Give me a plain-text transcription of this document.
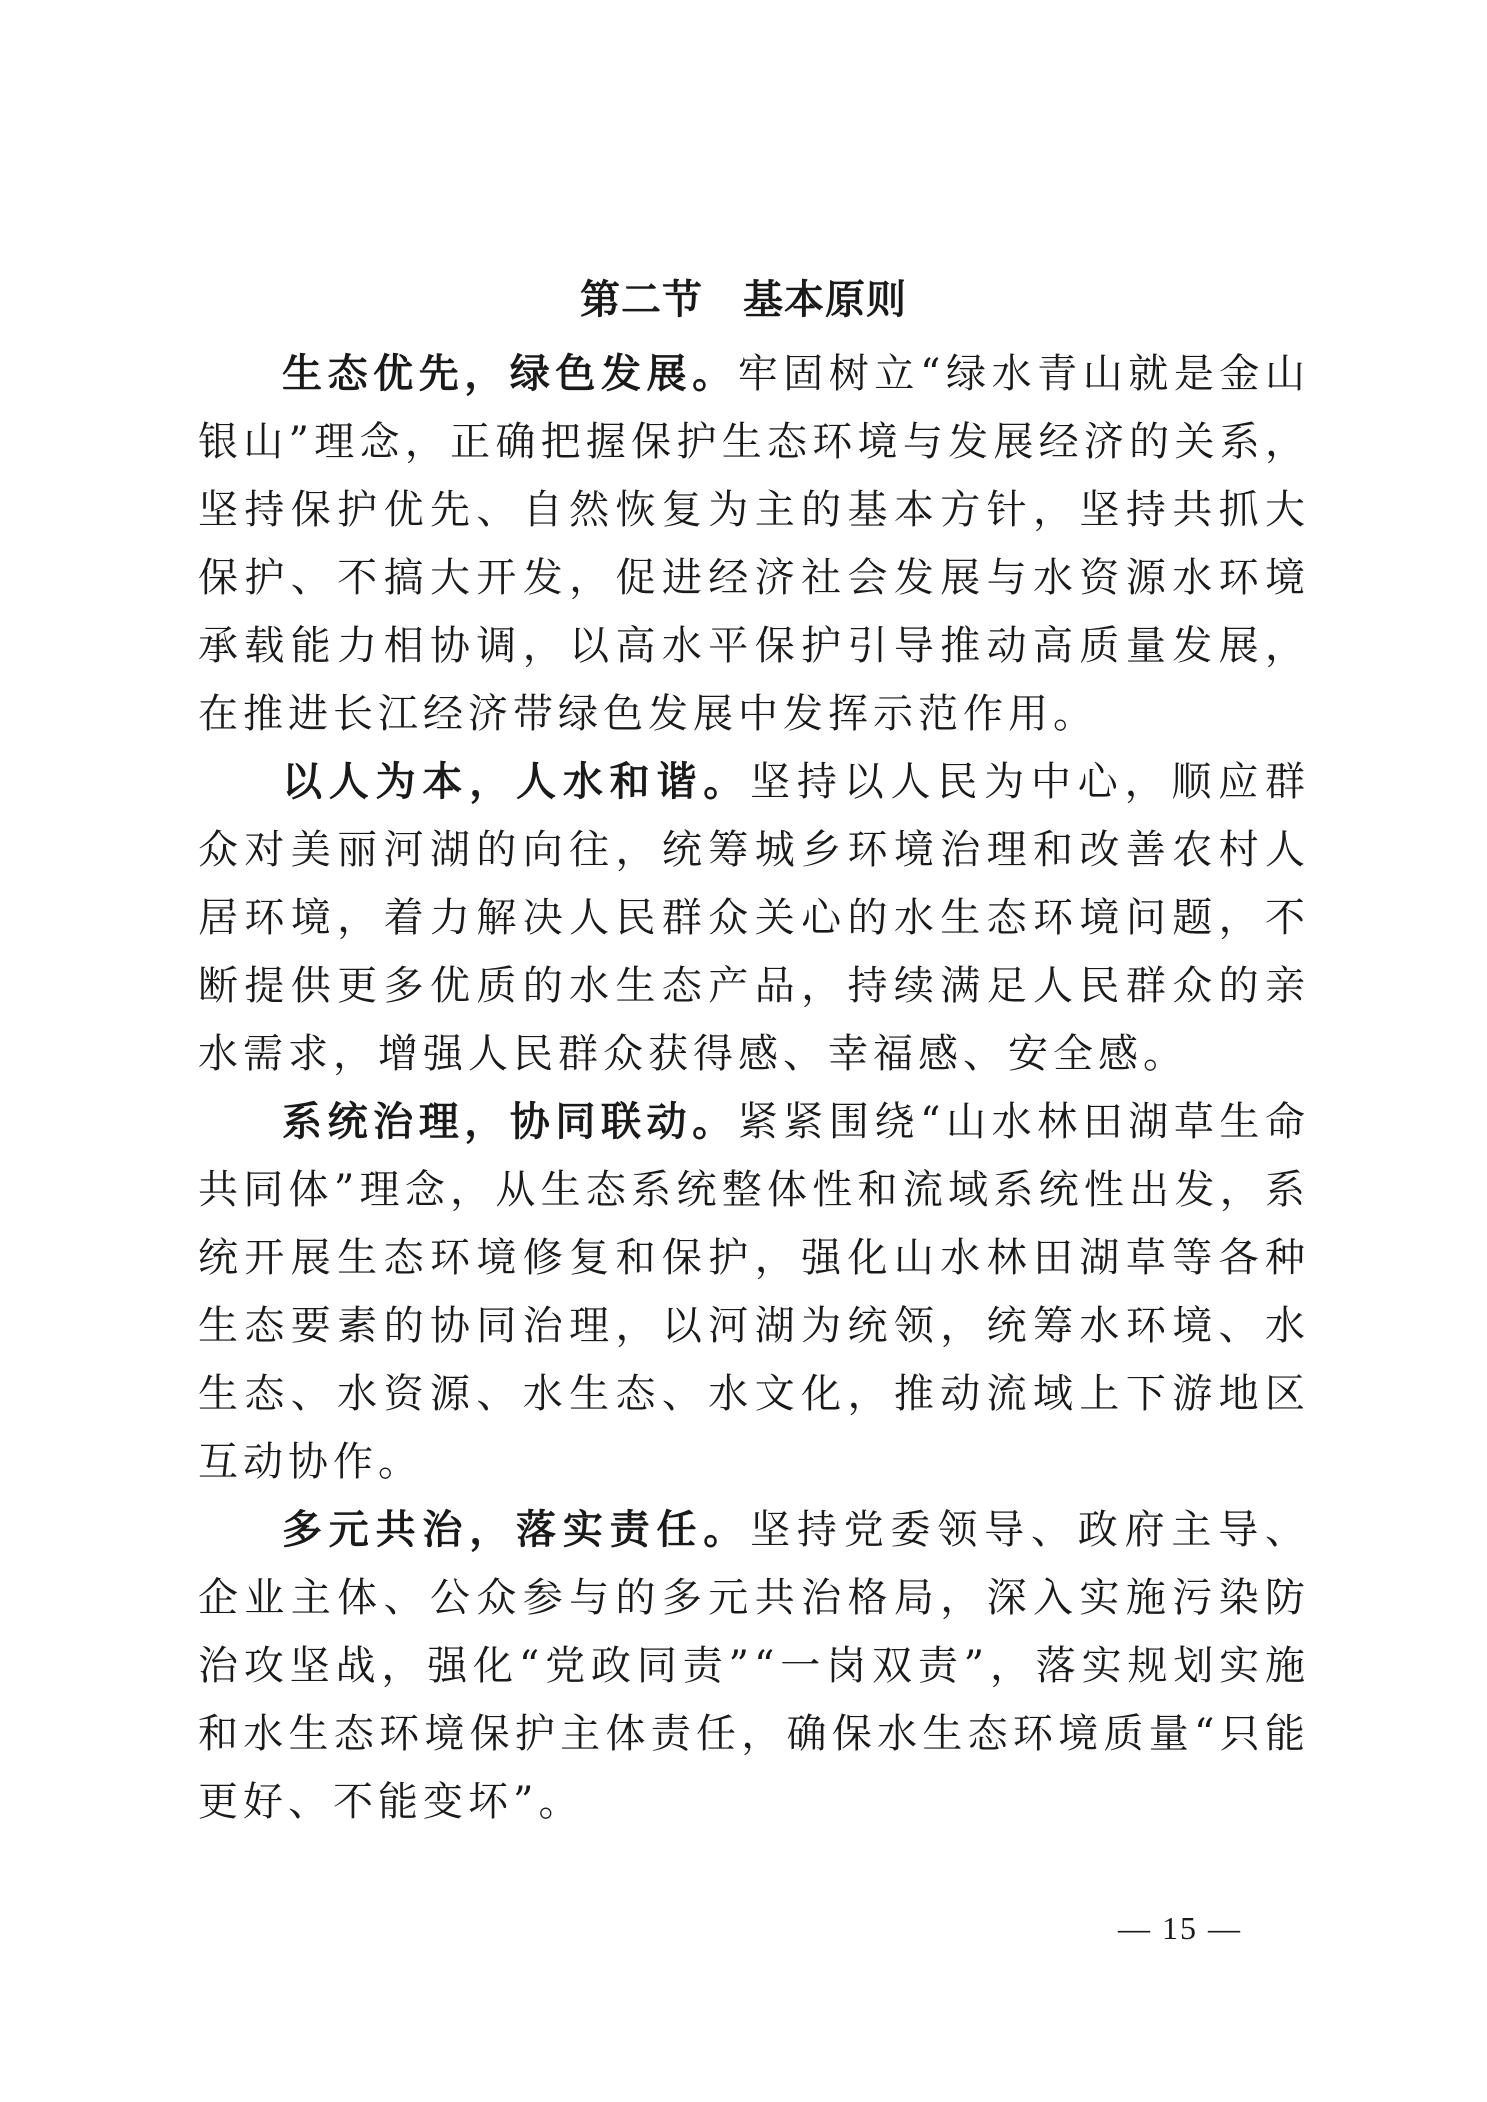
第二节 基本原则

生态优先，绿色发展。牢固树立“绿水青山就是金山银山”理念，正确把握保护生态环境与发展经济的关系，坚持保护优先、自然恢复为主的基本方针，坚持共抓大保护、不搞大开发，促进经济社会发展与水资源水环境承载能力相协调，以高水平保护引导推动高质量发展，在推进长江经济带绿色发展中发挥示范作用。

以人为本，人水和谐。坚持以人民为中心，顺应群众对美丽河湖的向往，统筹城乡环境治理和改善农村人居环境，着力解决人民群众关心的水生态环境问题，不断提供更多优质的水生态产品，持续满足人民群众的亲水需求，增强人民群众获得感、幸福感、安全感。

系统治理，协同联动。紧紧围绕“山水林田湖草生命共同体”理念，从生态系统整体性和流域系统性出发，系统开展生态环境修复和保护，强化山水林田湖草等各种生态要素的协同治理，以河湖为统领，统筹水环境、水生态、水资源、水生态、水文化，推动流域上下游地区互动协作。

多元共治，落实责任。坚持党委领导、政府主导、企业主体、公众参与的多元共治格局，深入实施污染防治攻坚战，强化“党政同责”“一岗双责”，落实规划实施和水生态环境保护主体责任，确保水生态环境质量“只能更好、不能变坏”。

— 15 —
